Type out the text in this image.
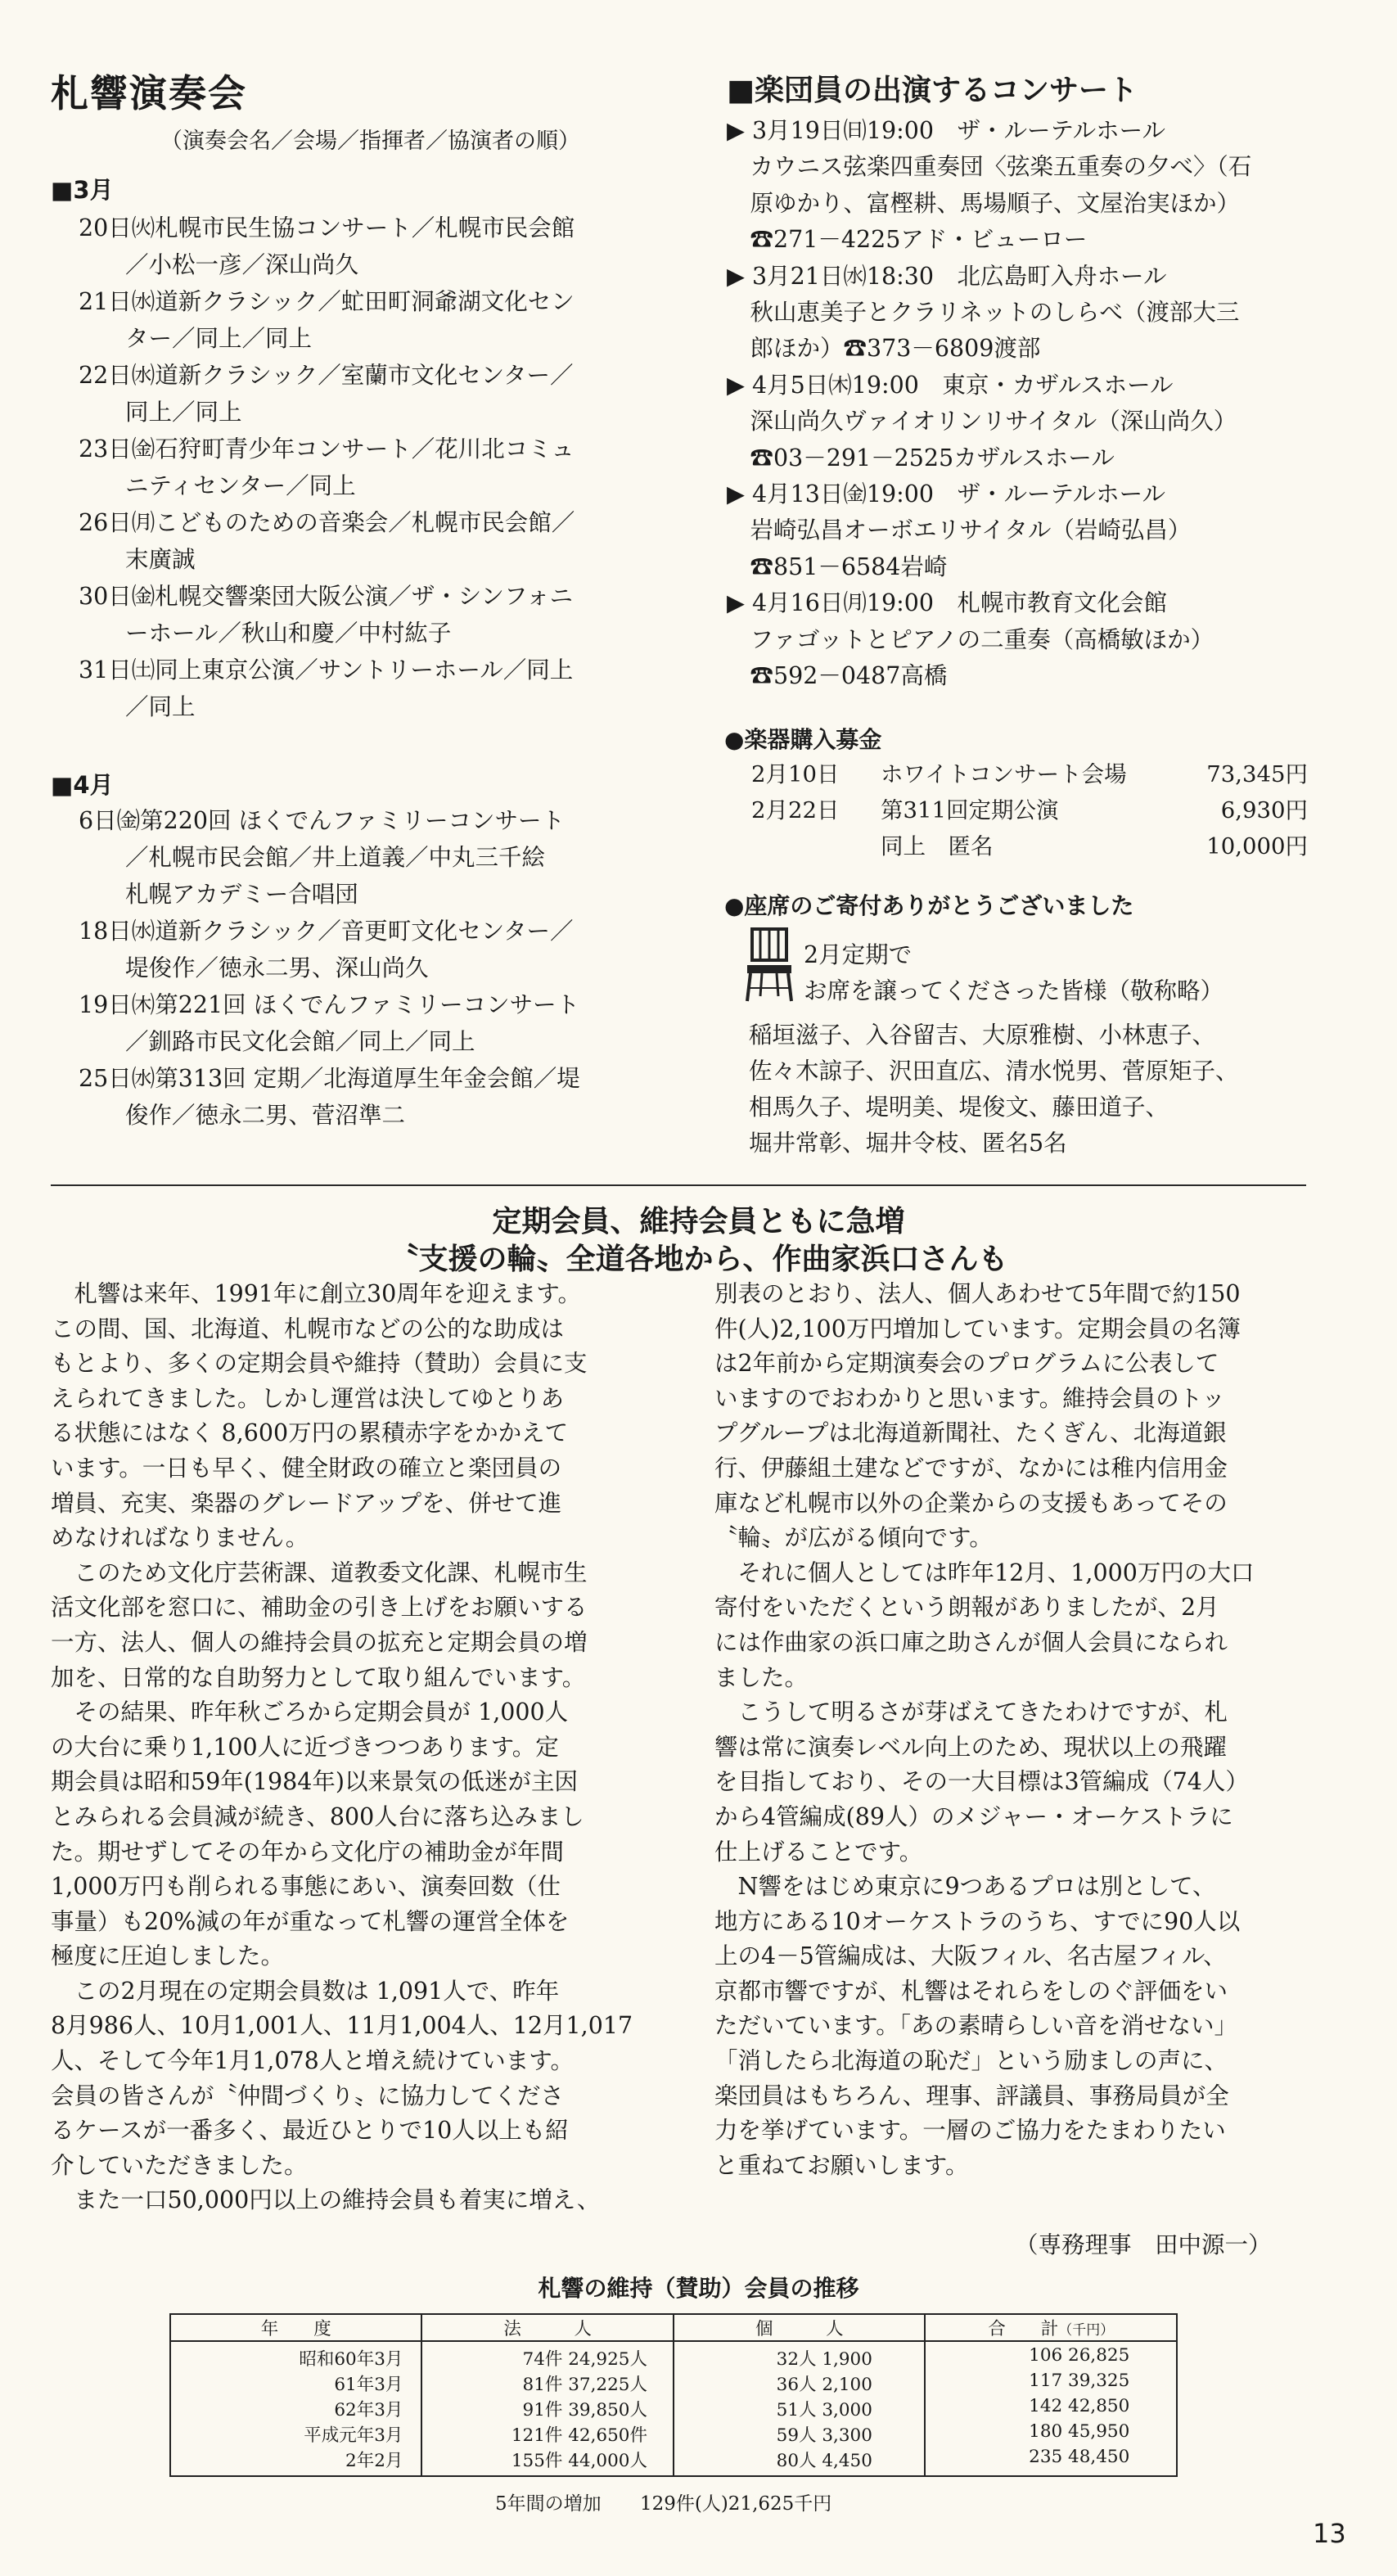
札響演奏会
（演奏会名／会場／指揮者／協演者の順）
■3月
20日㈫札幌市民生協コンサート／札幌市民会館
　　／小松一彦／深山尚久
21日㈬道新クラシック／虻田町洞爺湖文化セン
　　ター／同上／同上
22日㈬道新クラシック／室蘭市文化センター／
　　同上／同上
23日㈮石狩町青少年コンサート／花川北コミュ
　　ニティセンター／同上
26日㈪こどものための音楽会／札幌市民会館／
　　末廣誠
30日㈮札幌交響楽団大阪公演／ザ・シンフォニ
　　ーホール／秋山和慶／中村紘子
31日㈯同上東京公演／サントリーホール／同上
　　／同上
■4月
6日㈮第220回 ほくでんファミリーコンサート
　　／札幌市民会館／井上道義／中丸三千絵
　　札幌アカデミー合唱団
18日㈬道新クラシック／音更町文化センター／
　　堤俊作／徳永二男、深山尚久
19日㈭第221回 ほくでんファミリーコンサート
　　／釧路市民文化会館／同上／同上
25日㈬第313回 定期／北海道厚生年金会館／堤
　　俊作／徳永二男、菅沼準二
■楽団員の出演するコンサート
▶ 3月19日㈰19:00　ザ・ルーテルホール
　カウニス弦楽四重奏団〈弦楽五重奏の夕べ〉（石
　原ゆかり、富樫耕、馬場順子、文屋治実ほか）
　☎271－4225アド・ビューロー
▶ 3月21日㈬18:30　北広島町入舟ホール
　秋山恵美子とクラリネットのしらべ（渡部大三
　郎ほか）☎373－6809渡部
▶ 4月5日㈭19:00　東京・カザルスホール
　深山尚久ヴァイオリンリサイタル（深山尚久）
　☎03－291－2525カザルスホール
▶ 4月13日㈮19:00　ザ・ルーテルホール
　岩崎弘昌オーボエリサイタル（岩崎弘昌）
　☎851－6584岩崎
▶ 4月16日㈪19:00　札幌市教育文化会館
　ファゴットとピアノの二重奏（高橋敏ほか）
　☎592－0487高橋
●楽器購入募金
2月10日 ホワイトコンサート会場	73,345円
2月22日 第311回定期公演	6,930円
同上　匿名	10,000円
●座席のご寄付ありがとうございました
2月定期で
お席を譲ってくださった皆様（敬称略）
稲垣滋子、入谷留吉、大原雅樹、小林恵子、
佐々木諒子、沢田直広、清水悦男、菅原矩子、
相馬久子、堤明美、堤俊文、藤田道子、
堀井常彰、堀井令枝、匿名5名
定期会員、維持会員ともに急増
〝支援の輪〟全道各地から、作曲家浜口さんも
　札響は来年、1991年に創立30周年を迎えます。
この間、国、北海道、札幌市などの公的な助成は
もとより、多くの定期会員や維持（賛助）会員に支
えられてきました。しかし運営は決してゆとりあ
る状態にはなく 8,600万円の累積赤字をかかえて
います。一日も早く、健全財政の確立と楽団員の
増員、充実、楽器のグレードアップを、併せて進
めなければなりません。
　このため文化庁芸術課、道教委文化課、札幌市生
活文化部を窓口に、補助金の引き上げをお願いする
一方、法人、個人の維持会員の拡充と定期会員の増
加を、日常的な自助努力として取り組んでいます。
　その結果、昨年秋ごろから定期会員が 1,000人
の大台に乗り1,100人に近づきつつあります。定
期会員は昭和59年(1984年)以来景気の低迷が主因
とみられる会員減が続き、800人台に落ち込みまし
た。期せずしてその年から文化庁の補助金が年間
1,000万円も削られる事態にあい、演奏回数（仕
事量）も20%減の年が重なって札響の運営全体を
極度に圧迫しました。
　この2月現在の定期会員数は 1,091人で、昨年
8月986人、10月1,001人、11月1,004人、12月1,017
人、そして今年1月1,078人と増え続けています。
会員の皆さんが〝仲間づくり〟に協力してくださ
るケースが一番多く、最近ひとりで10人以上も紹
介していただきました。
　また一口50,000円以上の維持会員も着実に増え、
別表のとおり、法人、個人あわせて5年間で約150
件(人)2,100万円増加しています。定期会員の名簿
は2年前から定期演奏会のプログラムに公表して
いますのでおわかりと思います。維持会員のトッ
プグループは北海道新聞社、たくぎん、北海道銀
行、伊藤組土建などですが、なかには稚内信用金
庫など札幌市以外の企業からの支援もあってその
〝輪〟が広がる傾向です。
　それに個人としては昨年12月、1,000万円の大口
寄付をいただくという朗報がありましたが、2月
には作曲家の浜口庫之助さんが個人会員になられ
ました。
　こうして明るさが芽ばえてきたわけですが、札
響は常に演奏レベル向上のため、現状以上の飛躍
を目指しており、その一大目標は3管編成（74人）
から4管編成(89人）のメジャー・オーケストラに
仕上げることです。
　N響をはじめ東京に9つあるプロは別として、
地方にある10オーケストラのうち、すでに90人以
上の4－5管編成は、大阪フィル、名古屋フィル、
京都市響ですが、札響はそれらをしのぐ評価をい
ただいています。「あの素晴らしい音を消せない」
「消したら北海道の恥だ」という励ましの声に、
楽団員はもちろん、理事、評議員、事務局員が全
力を挙げています。一層のご協力をたまわりたい
と重ねてお願いします。
（専務理事　田中源一）
札響の維持（賛助）会員の推移
年　　度	法　　　人	個　　　人	合　　計（千円）
昭和60年3月	74件 24,925人	32人 1,900	106 26,825
61年3月	81件 37,225人	36人 2,100	117 39,325
62年3月	91件 39,850人	51人 3,000	142 42,850
平成元年3月	121件 42,650件	59人 3,300	180 45,950
2年2月	155件 44,000人	80人 4,450	235 48,450
5年間の増加 129件(人)21,625千円
13
